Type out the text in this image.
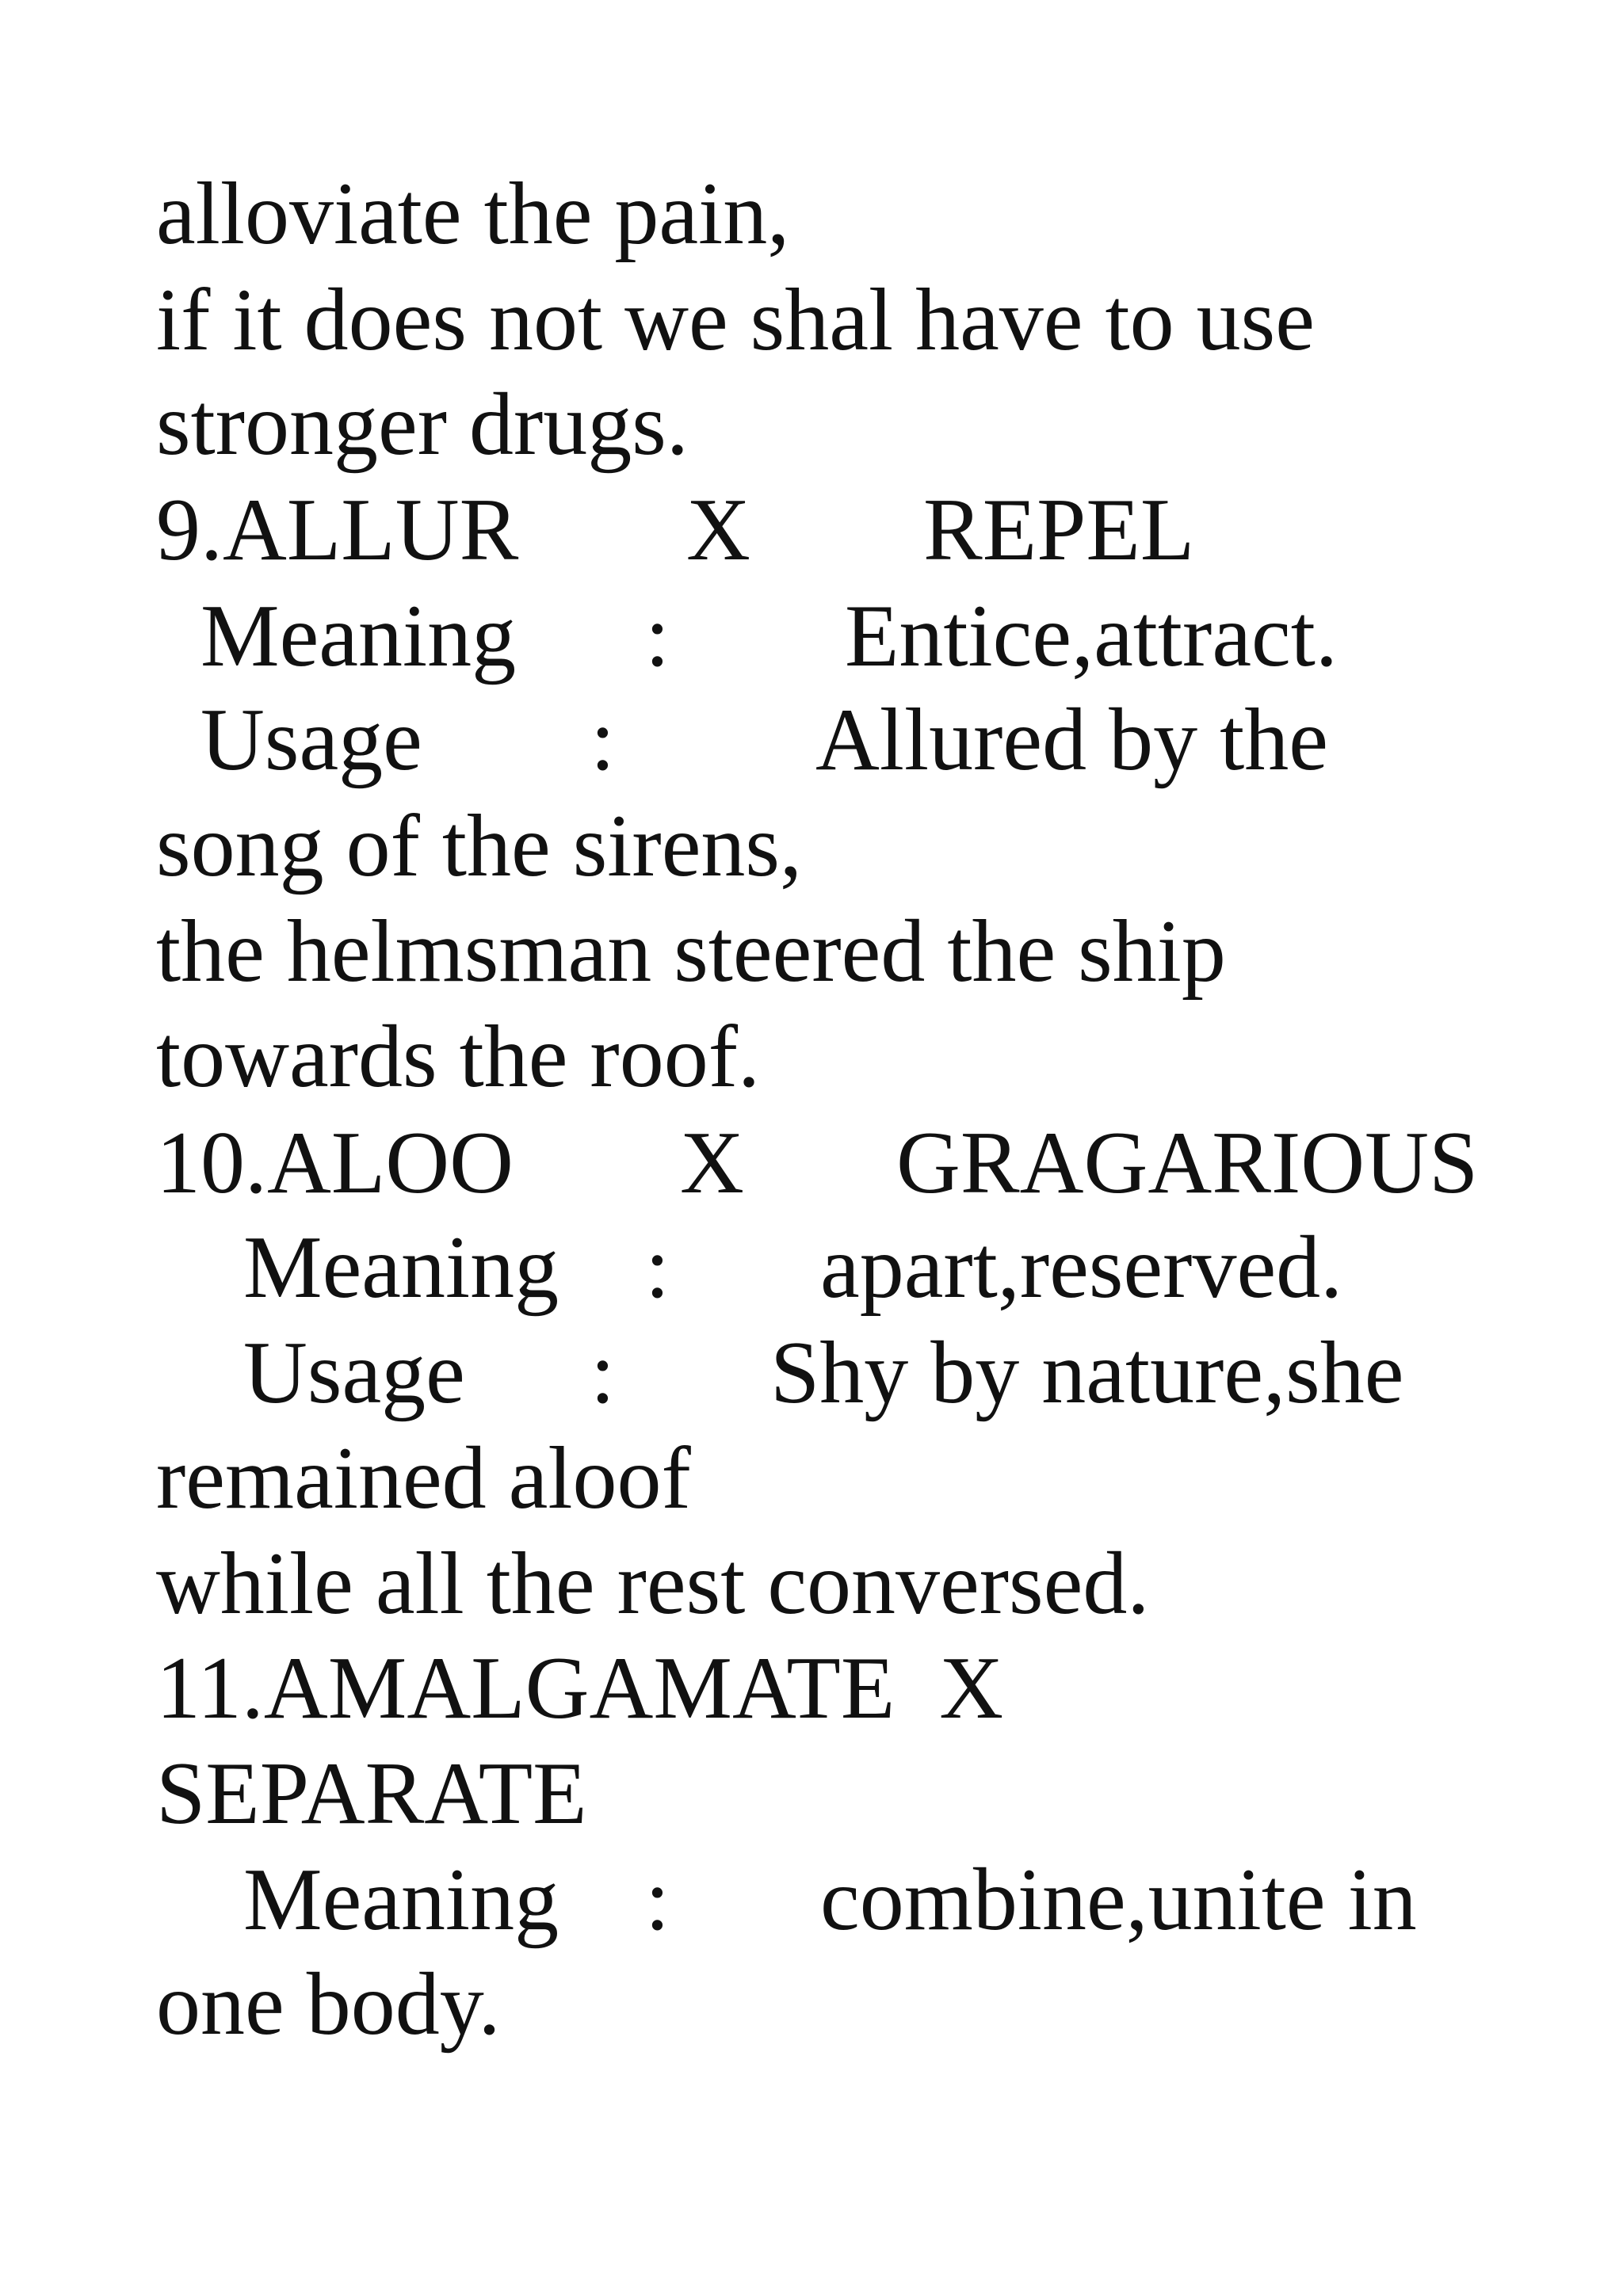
alloviate the pain,
if it does not we shal have to use
stronger drugs.
9.ALLUR X REPEL
Meaning : Entice,attract.
Usage : Allured by the
song of the sirens,
the helmsman steered the ship
towards the roof.
10.ALOO X GRAGARIOUS
Meaning : apart,reserved.
Usage : Shy by nature,she
remained aloof
while all the rest conversed.
11.AMALGAMATE  X
SEPARATE
Meaning : combine,unite in
one body.
